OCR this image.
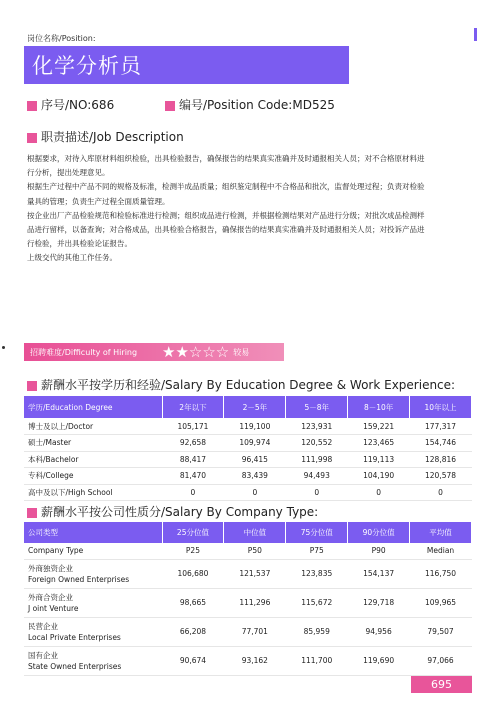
岗位名称/Position:
化学分析员
序号/NO:686	编号/Position Code:MD525
职责描述/Job Description

根据要求，对待入库原材料组织检验，出具检验报告，确保报告的结果真实准确并及时通报相关人员；对不合格原材料进

行分析，提出处理意见。

根据生产过程中产品不同的规格及标准，检测半成品质量；组织鉴定制程中不合格品和批次，监督处理过程；负责对检验

量具的管理；负责生产过程全面质量管理。

按企业出厂产品检验规范和检验标准进行检测；组织成品进行检测，并根据检测结果对产品进行分级；对批次成品检测样

品进行留样，以备查询；对合格成品，出具检验合格报告，确保报告的结果真实准确并及时通报相关人员；对投诉产品进

行检验，并出具检验论证报告。

上级交代的其他工作任务。

招聘难度/Difficulty of Hiring	★★☆☆☆ 较易
薪酬水平按学历和经验/Salary By Education Degree & Work Experience:
学历/Education Degree	2年以下	2－5年	5－8年	8－10年	10年以上
博士及以上/Doctor	105,171	119,100	123,931	159,221	177,317
硕士/Master	92,658	109,974	120,552	123,465	154,746
本科/Bachelor	88,417	96,415	111,998	119,113	128,816
专科/College	81,470	83,439	94,493	104,190	120,578
高中及以下/High School	0	0	0	0	0
薪酬水平按公司性质分/Salary By Company Type:
公司类型	25分位值	中位值	75分位值	90分位值	平均值
Company Type	P25	P50	P75	P90	Median
外商独资企业
Foreign Owned Enterprises	106,680	121,537	123,835	154,137	116,750
外商合资企业
J oint Venture	98,665	111,296	115,672	129,718	109,965
民营企业
Local Private Enterprises	66,208	77,701	85,959	94,956	79,507
国有企业
State Owned Enterprises	90,674	93,162	111,700	119,690	97,066
695
